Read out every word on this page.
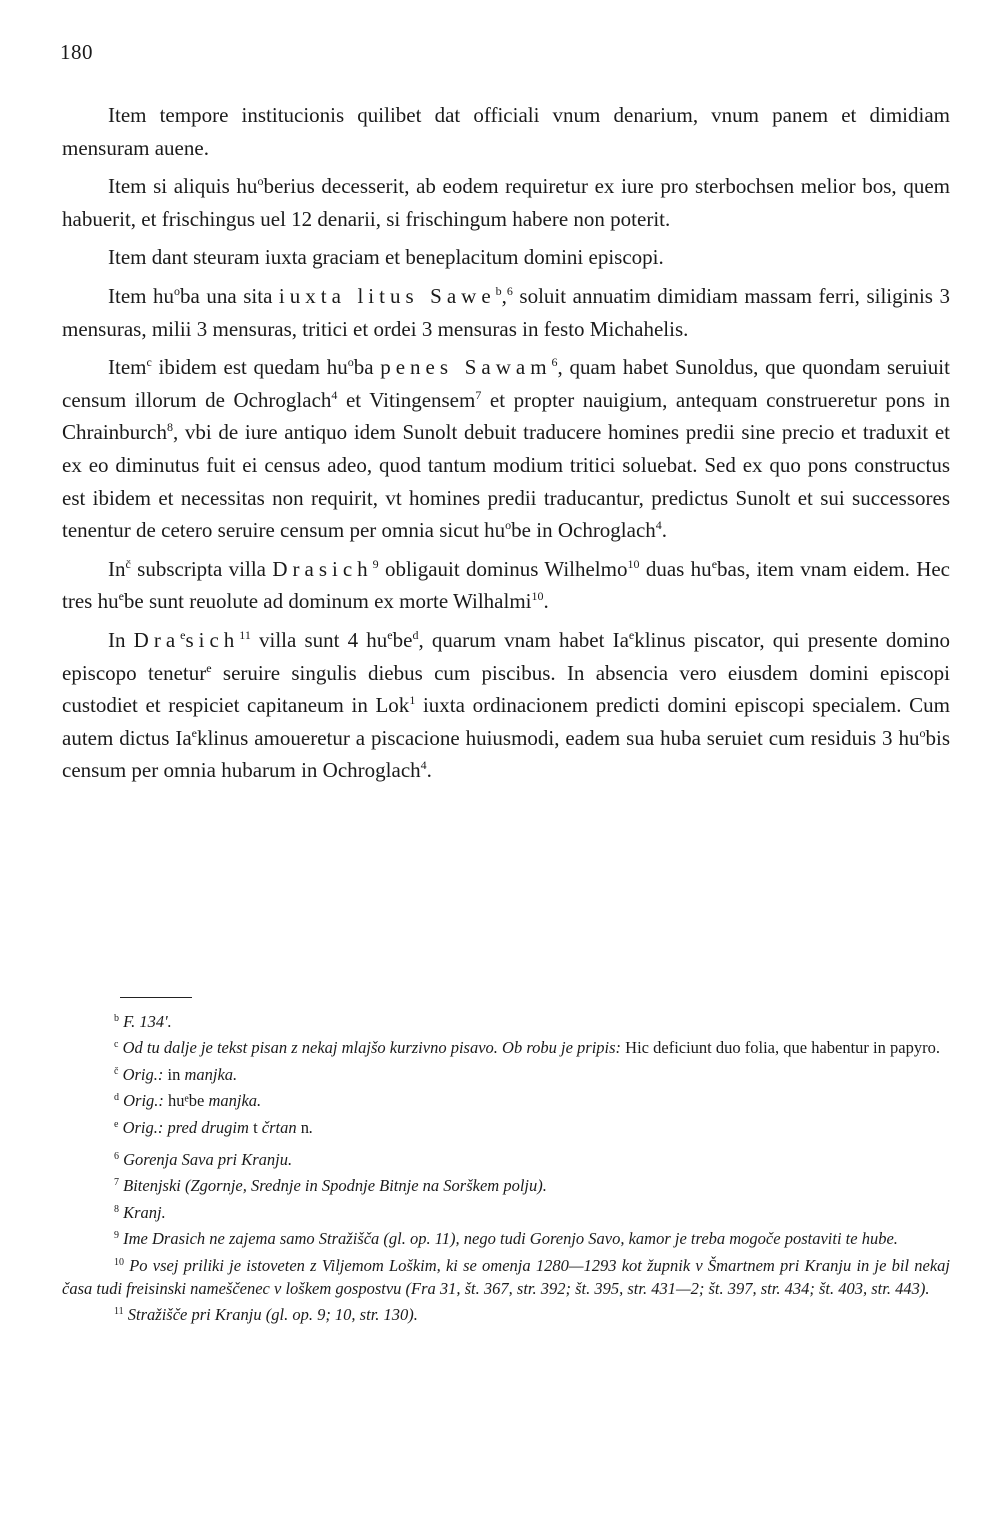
180

Item tempore institucionis quilibet dat officiali vnum denarium, vnum panem et dimidiam mensuram auene.

Item si aliquis $hu^oberius$ decesserit, ab eodem requiretur ex iure pro sterbochsen melior bos, quem habuerit, et frischingus uel 12 denarii, si frischingum habere non poterit.

Item dant steuram iuxta graciam et beneplacitum domini episcopi.

Item $hu^oba$ una sita iuxta litus Sawe$^b$,$^6$ soluit annuatim dimidiam massam ferri, siliginis 3 mensuras, milii 3 mensuras, tritici et ordei 3 mensuras in festo Michahelis.

Item$^c$ ibidem est quedam $hu^oba$ penes Sawam$^6$, quam habet Sunoldus, que quondam seruiuit censum illorum de Ochroglach$^4$ et Vitingensem$^7$ et propter nauigium, antequam construeretur pons in Chrainburch$^8$, vbi de iure antiquo idem Sunolt debuit traducere homines predii sine precio et traduxit et ex eo diminutus fuit ei census adeo, quod tantum modium tritici soluebat. Sed ex quo pons constructus est ibidem et necessitas non requirit, vt homines predii traducantur, predictus Sunolt et sui successores tenentur de cetero seruire censum per omnia sicut $hu^obe$ in Ochroglach$^4$.

$In^č$ subscripta villa Drasich$^9$ obligauit dominus Wilhelmo$^{10}$ duas $hu^ebas$, item vnam eidem. Hec tres $hu^ebe$ sunt reuolute ad dominum ex morte Wilhalmi$^{10}$.

In Dra$^e$sich$^{11}$ villa sunt 4 $hu^ebe^d$, quarum vnam habet Ia$^e$klinus piscator, qui presente domino episcopo tenetur$^e$ seruire singulis diebus cum piscibus. In absencia vero eiusdem domini episcopi custodiet et respiciet capitaneum in Lok$^1$ iuxta ordinacionem predicti domini episcopi specialem. Cum autem dictus Ia$^e$klinus amoueretur a piscacione huiusmodi, eadem sua huba seruiet cum residuis 3 $hu^obis$ censum per omnia hubarum in Ochroglach$^4$.

$^b$ F. 134'.
$^c$ Od tu dalje je tekst pisan z nekaj mlajšo kurzivno pisavo. Ob robu je pripis: Hic deficiunt duo folia, que habentur in papyro.
$^č$ Orig.: in manjka.
$^d$ Orig.: huᵉbe manjka.
$^e$ Orig.: pred drugim t črtan n.
$^6$ Gorenja Sava pri Kranju.
$^7$ Bitenjski (Zgornje, Srednje in Spodnje Bitnje na Sorškem polju).
$^8$ Kranj.
$^9$ Ime Drasich ne zajema samo Stražišča (gl. op. 11), nego tudi Gorenjo Savo, kamor je treba mogoče postaviti te hube.
$^{10}$ Po vsej priliki je istoveten z Viljemom Loškim, ki se omenja 1280—1293 kot župnik v Šmartnem pri Kranju in je bil nekaj časa tudi freisinski nameščenec v loškem gospostvu (Fra 31, št. 367, str. 392; št. 395, str. 431—2; št. 397, str. 434; št. 403, str. 443).
$^{11}$ Stražišče pri Kranju (gl. op. 9; 10, str. 130).
